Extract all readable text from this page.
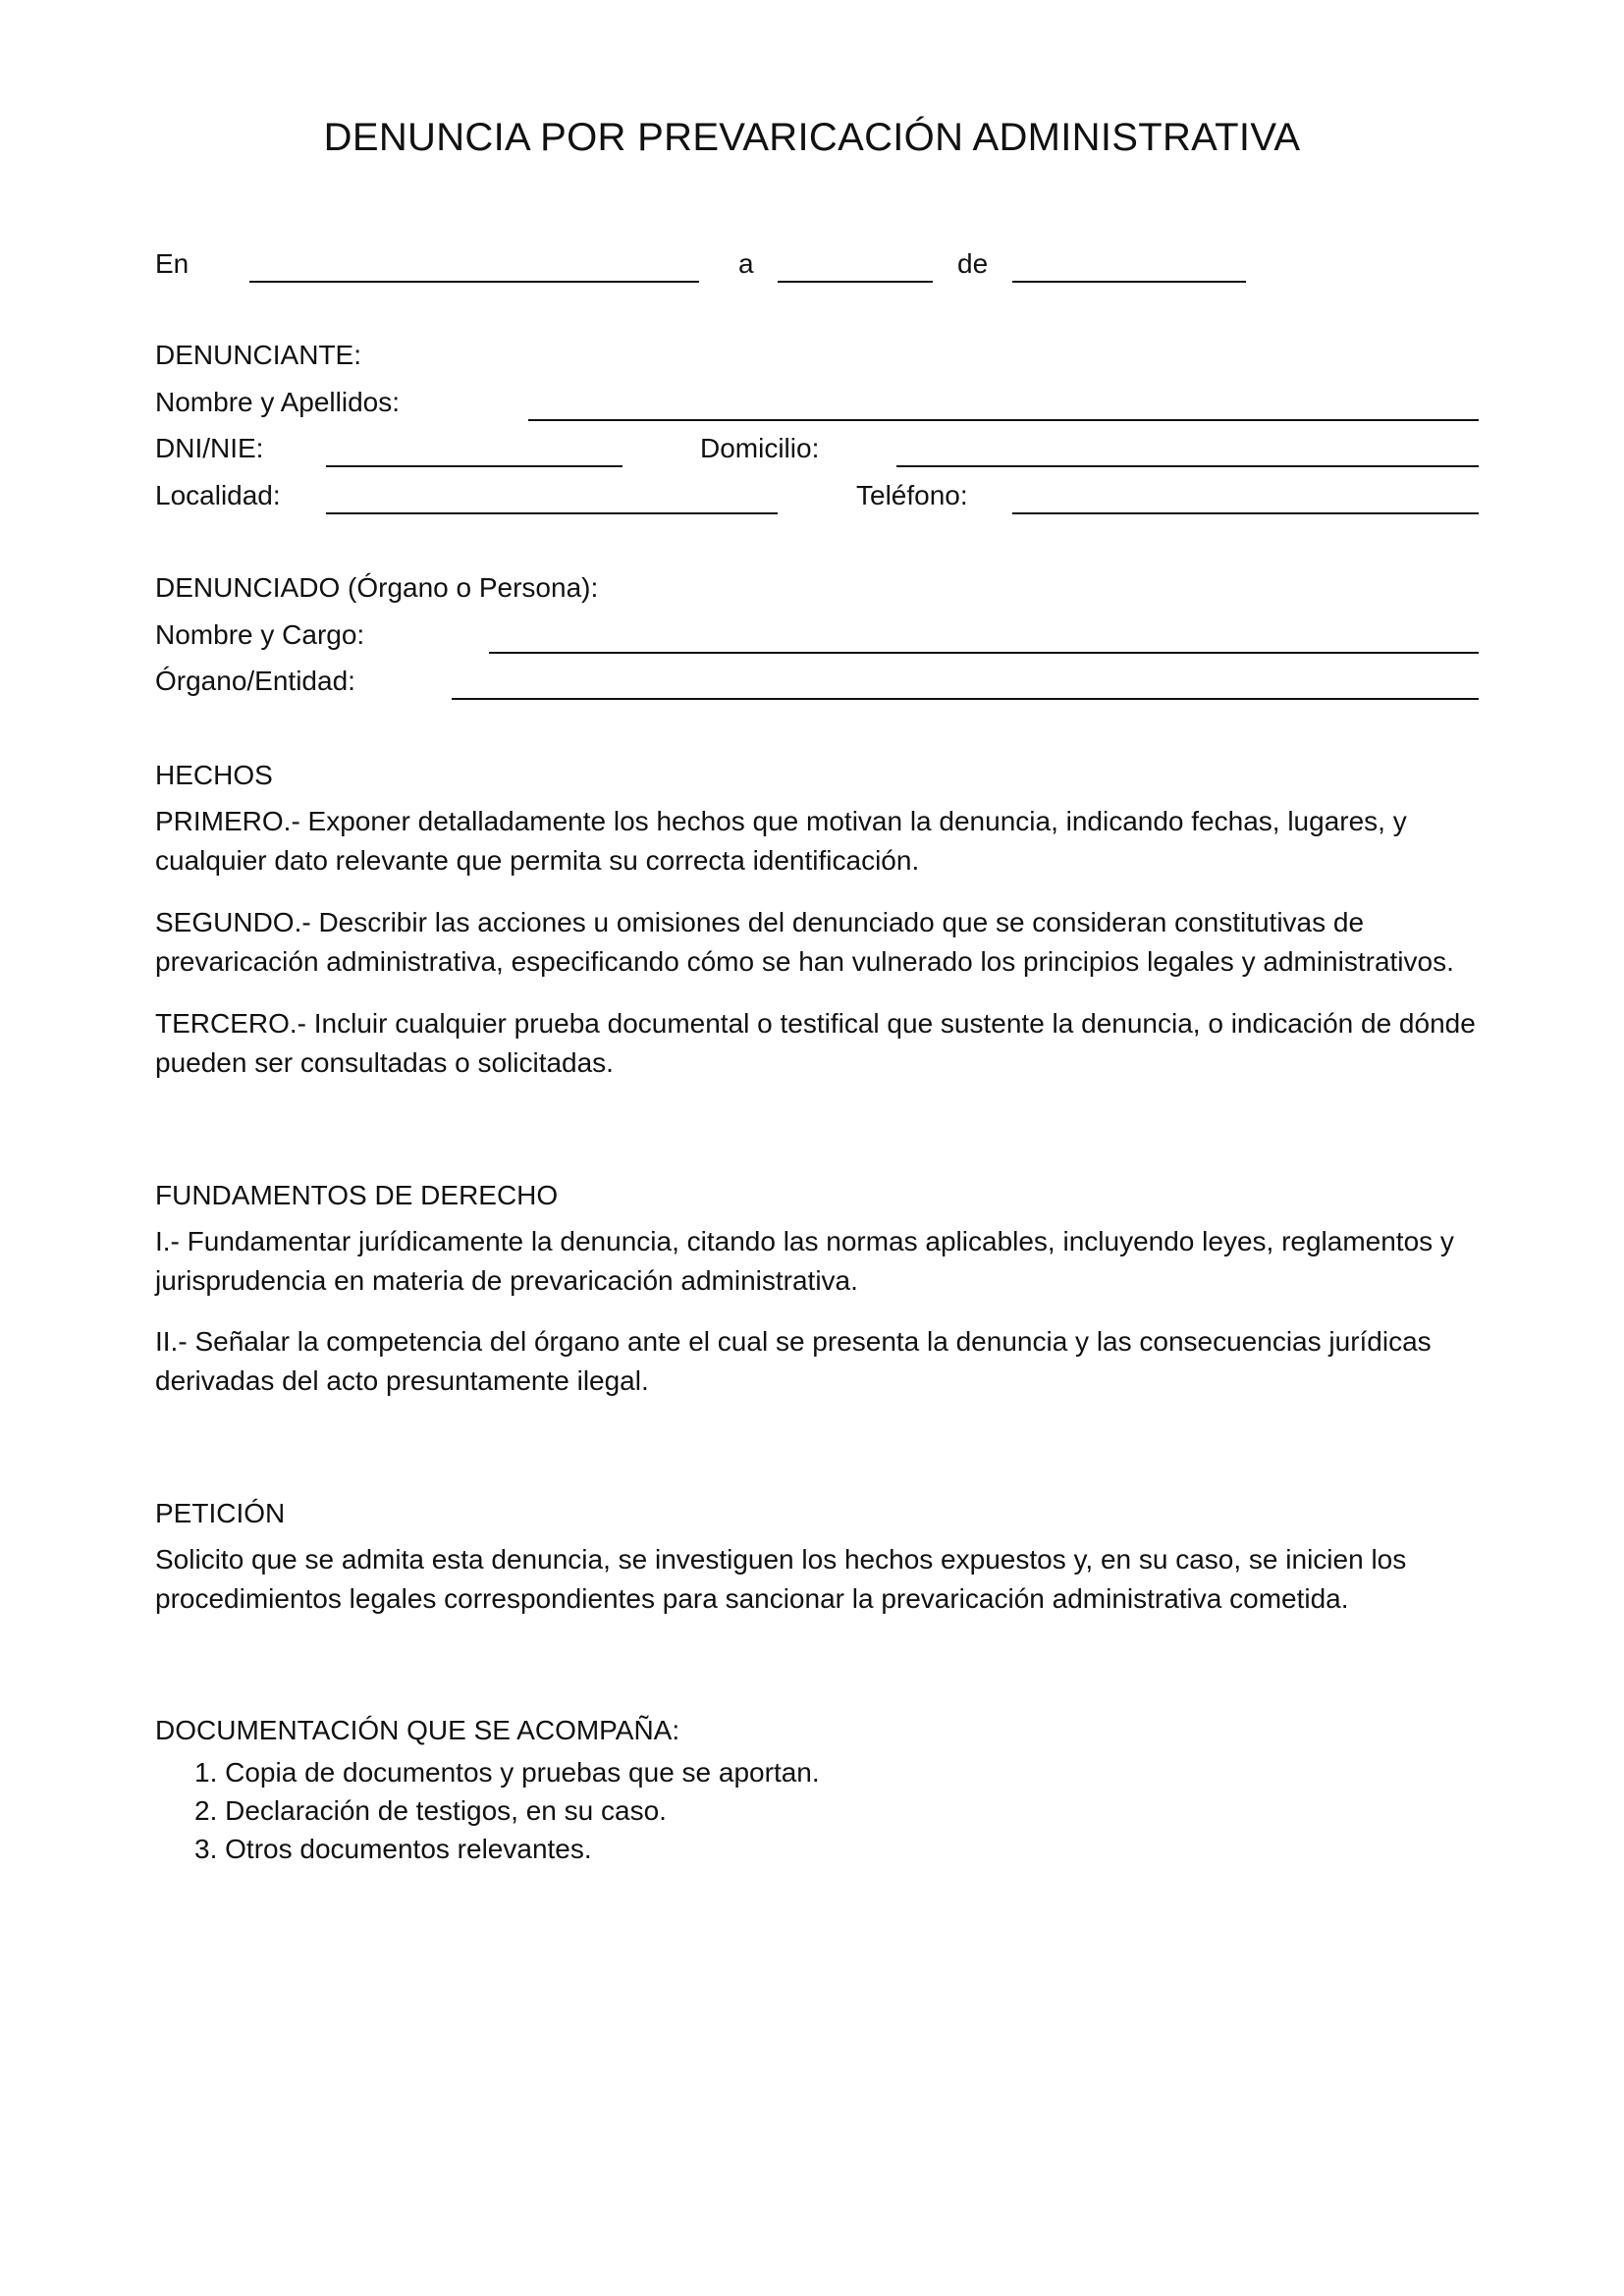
DENUNCIA POR PREVARICACIÓN ADMINISTRATIVA
En	a	de
DENUNCIANTE:
Nombre y Apellidos:
DNI/NIE:	Domicilio:
Localidad:	Teléfono:
DENUNCIADO (Órgano o Persona):
Nombre y Cargo:
Órgano/Entidad:
HECHOS

PRIMERO.- Exponer detalladamente los hechos que motivan la denuncia, indicando fechas, lugares, y cualquier dato relevante que permita su correcta identificación.

SEGUNDO.- Describir las acciones u omisiones del denunciado que se consideran constitutivas de prevaricación administrativa, especificando cómo se han vulnerado los principios legales y administrativos.

TERCERO.- Incluir cualquier prueba documental o testifical que sustente la denuncia, o indicación de dónde pueden ser consultadas o solicitadas.

FUNDAMENTOS DE DERECHO

I.- Fundamentar jurídicamente la denuncia, citando las normas aplicables, incluyendo leyes, reglamentos y jurisprudencia en materia de prevaricación administrativa.

II.- Señalar la competencia del órgano ante el cual se presenta la denuncia y las consecuencias jurídicas derivadas del acto presuntamente ilegal.

PETICIÓN

Solicito que se admita esta denuncia, se investiguen los hechos expuestos y, en su caso, se inicien los procedimientos legales correspondientes para sancionar la prevaricación administrativa cometida.

DOCUMENTACIÓN QUE SE ACOMPAÑA:
1. Copia de documentos y pruebas que se aportan.
2. Declaración de testigos, en su caso.
3. Otros documentos relevantes.
